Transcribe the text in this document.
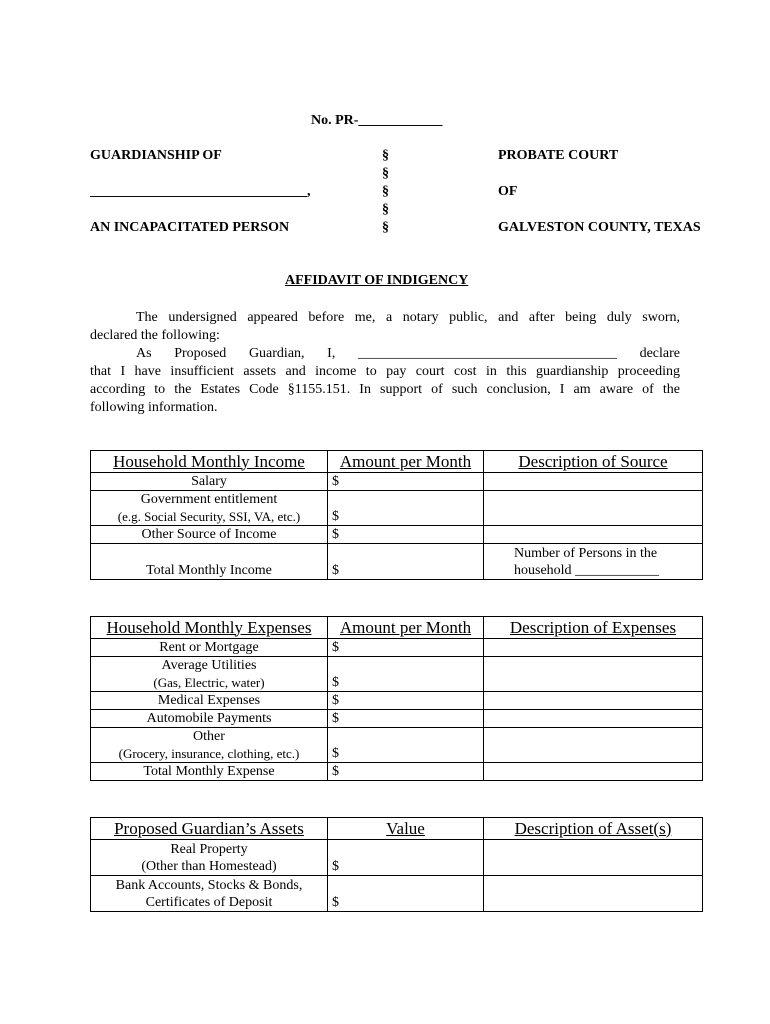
No. PR-____________
GUARDIANSHIP OF
_______________________________,
AN INCAPACITATED PERSON
§
§
§
§
§
PROBATE COURT
OF
GALVESTON COUNTY, TEXAS
AFFIDAVIT OF INDIGENCY
The undersigned appeared before me, a notary public, and after being duly sworn,
declared the following:
As Proposed Guardian, I, _____________________________________ declare
that I have insufficient assets and income to pay court cost in this guardianship proceeding
according to the Estates Code §1155.151. In support of such conclusion, I am aware of the
following information.
Household Monthly Income	Amount per Month	Description of Source
Salary	$	

Government entitlement
(e.g. Social Security, SSI, VA, etc.)	$	
Other Source of Income	$	
Total Monthly Income	$	Number of Persons in the
household ____________
Household Monthly Expenses	Amount per Month	Description of Expenses
Rent or Mortgage	$	

Average Utilities
(Gas, Electric, water)	$	
Medical Expenses	$	
Automobile Payments	$	

Other
(Grocery, insurance, clothing, etc.)	$	
Total Monthly Expense	$	
Proposed Guardian’s Assets	Value	Description of Asset(s)

Real Property
(Other than Homestead)	$	

Bank Accounts, Stocks & Bonds,
Certificates of Deposit	$	
